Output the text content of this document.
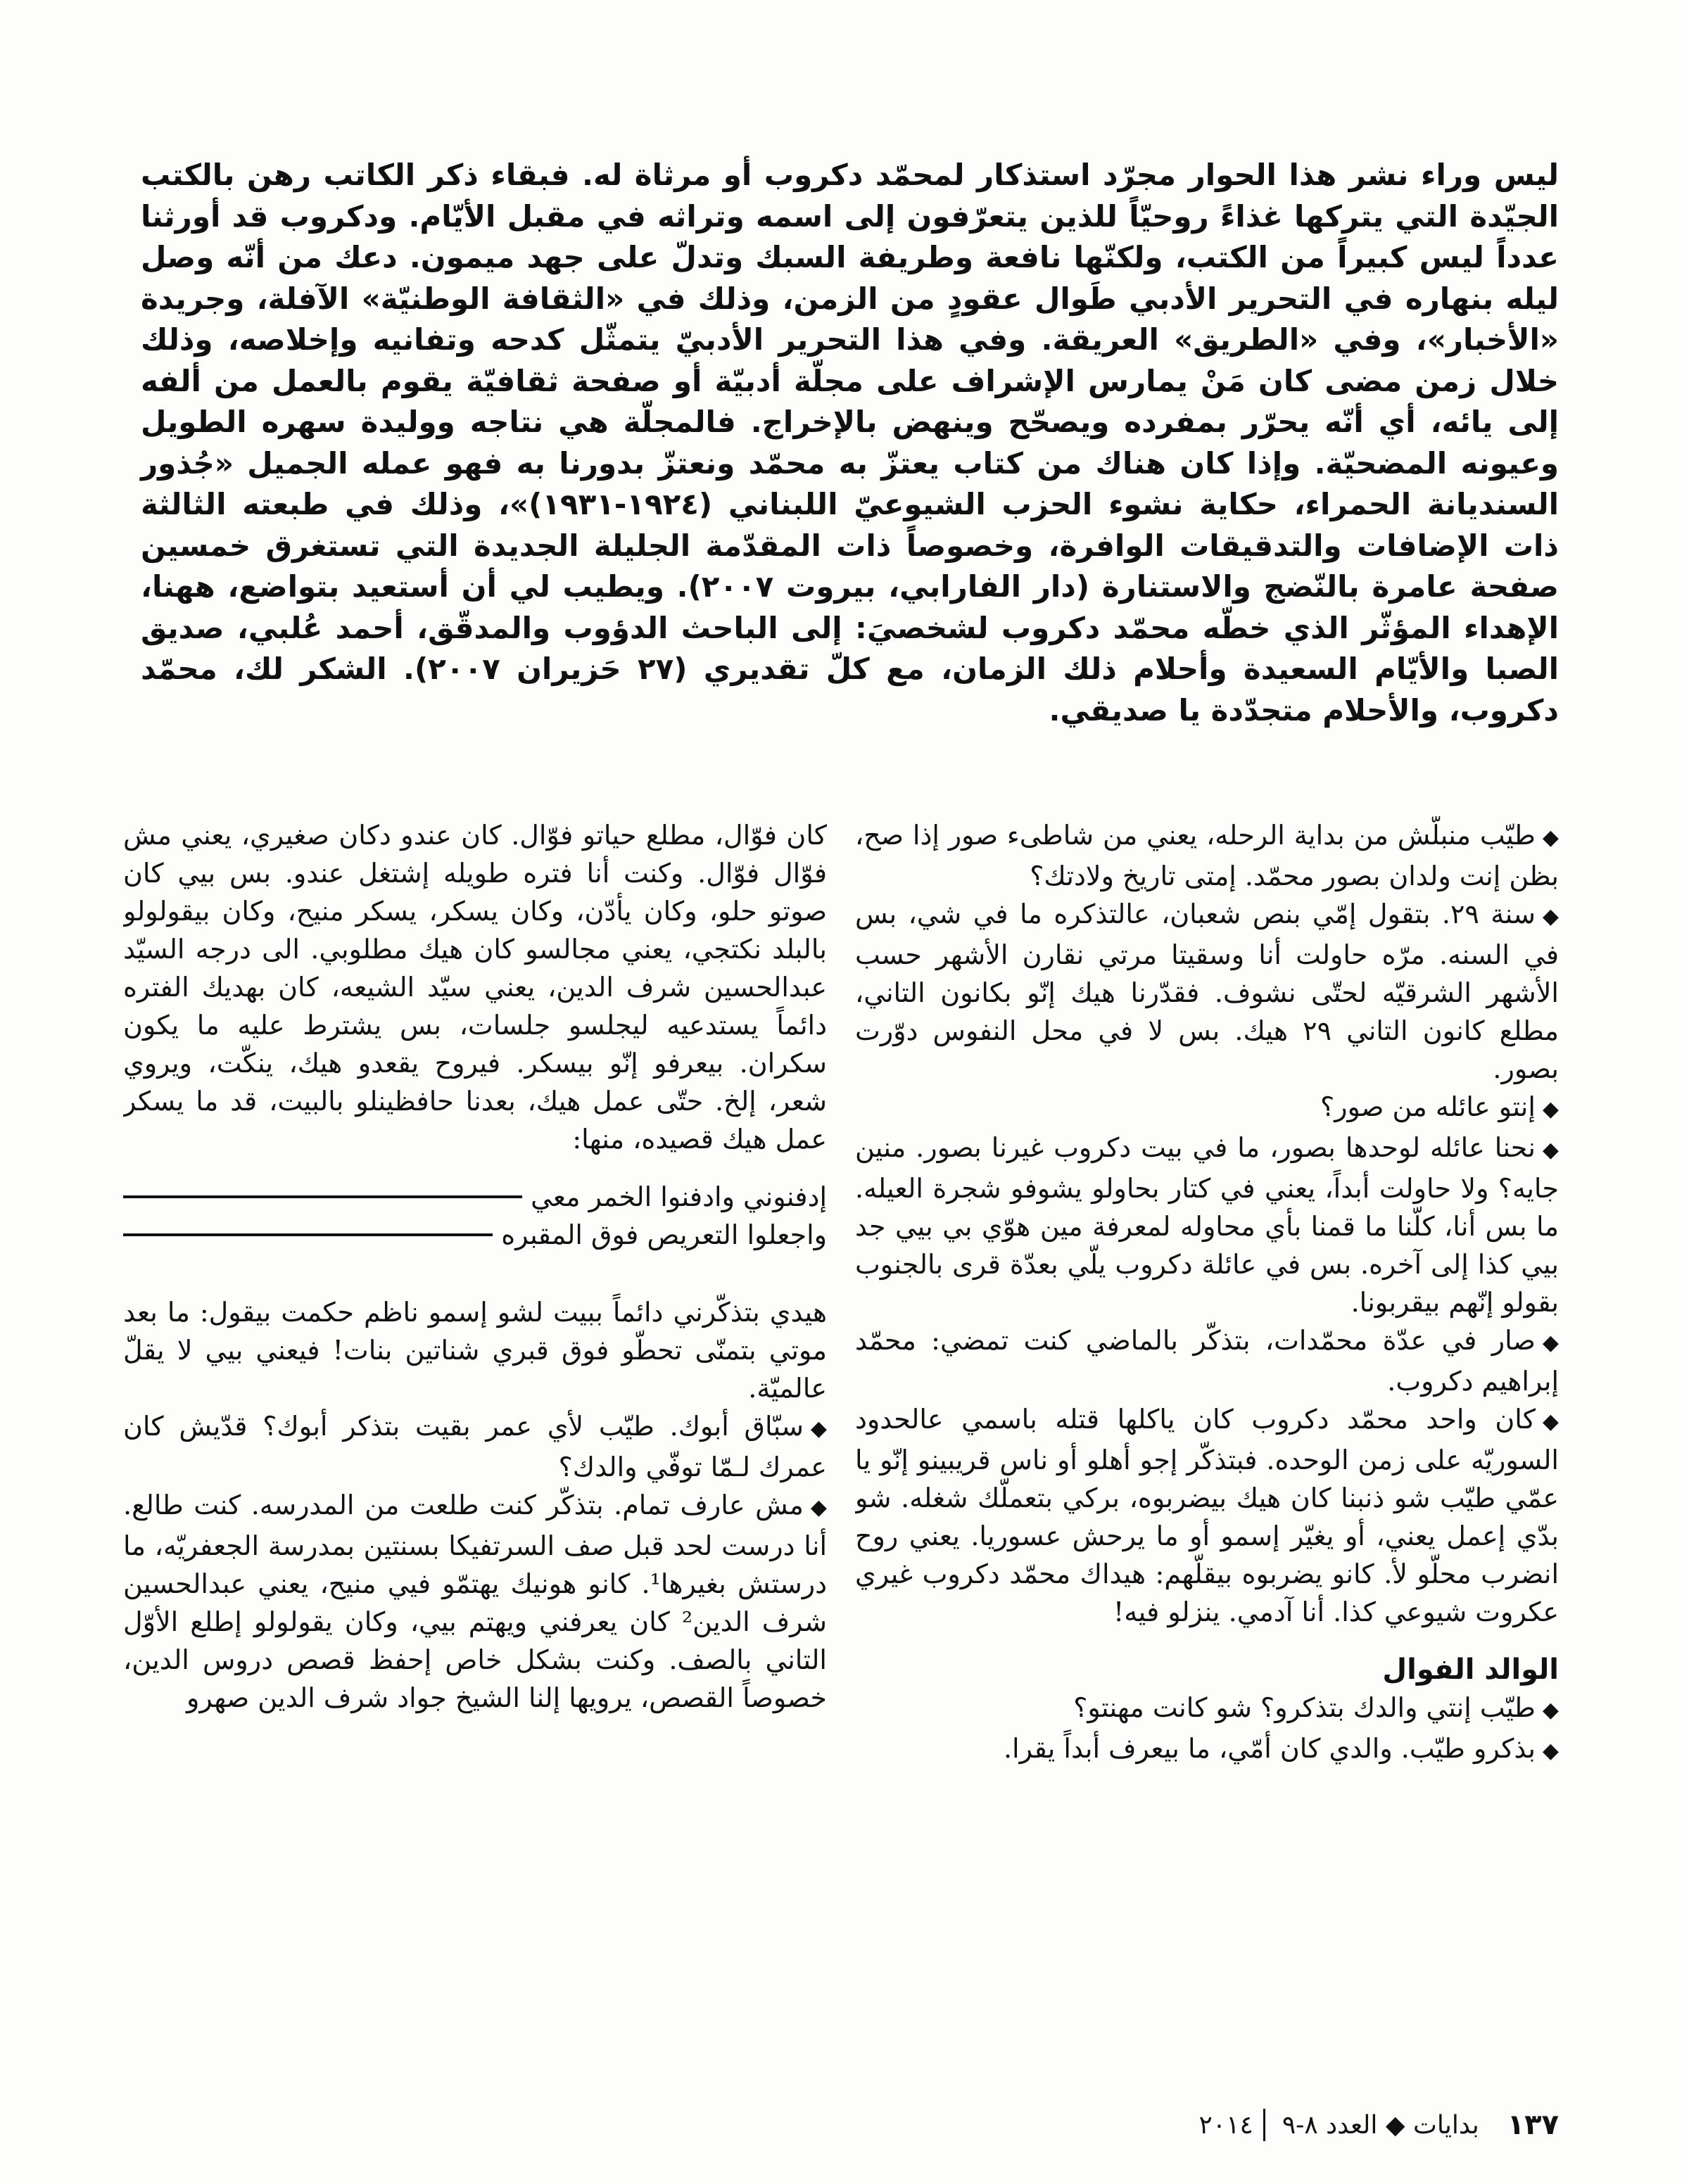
ليس وراء نشر هذا الحوار مجرّد استذكار لمحمّد دكروب أو مرثاة له. فبقاء ذكر الكاتب رهن بالكتب الجيّدة التي يتركها غذاءً روحيّاً للذين يتعرّفون إلى اسمه وتراثه في مقبل الأيّام. ودكروب قد أورثنا عدداً ليس كبيراً من الكتب، ولكنّها نافعة وطريفة السبك وتدلّ على جهد ميمون. دعك من أنّه وصل ليله بنهاره في التحرير الأدبي طَوال عقودٍ من الزمن، وذلك في «الثقافة الوطنيّة» الآفلة، وجريدة «الأخبار»، وفي «الطريق» العريقة. وفي هذا التحرير الأدبيّ يتمثّل كدحه وتفانيه وإخلاصه، وذلك خلال زمن مضى كان مَنْ يمارس الإشراف على مجلّة أدبيّة أو صفحة ثقافيّة يقوم بالعمل من ألفه إلى يائه، أي أنّه يحرّر بمفرده ويصحّح وينهض بالإخراج. فالمجلّة هي نتاجه ووليدة سهره الطويل وعيونه المضحيّة. وإذا كان هناك من كتاب يعتزّ به محمّد ونعتزّ بدورنا به فهو عمله الجميل «جُذور السنديانة الحمراء، حكاية نشوء الحزب الشيوعيّ اللبناني (١٩٢٤-١٩٣١)»، وذلك في طبعته الثالثة ذات الإضافات والتدقيقات الوافرة، وخصوصاً ذات المقدّمة الجليلة الجديدة التي تستغرق خمسين صفحة عامرة بالنّضج والاستنارة (دار الفارابي، بيروت ٢٠٠٧). ويطيب لي أن أستعيد بتواضع، ههنا، الإهداء المؤثّر الذي خطّه محمّد دكروب لشخصيَ: إلى الباحث الدؤوب والمدقّق، أحمد عُلبي، صديق الصبا والأيّام السعيدة وأحلام ذلك الزمان، مع كلّ تقديري (٢٧ حَزيران ٢٠٠٧). الشكر لك، محمّد دكروب، والأحلام متجدّدة يا صديقي.

◆طيّب منبلّش من بداية الرحله، يعني من شاطىء صور إذا صح، بظن إنت ولدان بصور محمّد. إمتى تاريخ ولادتك؟

◆سنة ٢٩. بتقول إمّي بنص شعبان، عالتذكره ما في شي، بس في السنه. مرّه حاولت أنا وسقيتا مرتي نقارن الأشهر حسب الأشهر الشرقيّه لحتّى نشوف. فقدّرنا هيك إنّو بكانون التاني، مطلع كانون التاني ٢٩ هيك. بس لا في محل النفوس دوّرت بصور.

◆إنتو عائله من صور؟

◆نحنا عائله لوحدها بصور، ما في بيت دكروب غيرنا بصور. منين جايه؟ ولا حاولت أبداً، يعني في كتار بحاولو يشوفو شجرة العيله. ما بس أنا، كلّنا ما قمنا بأي محاوله لمعرفة مين هوّي بي بيي جد بيي كذا إلى آخره. بس في عائلة دكروب يلّي بعدّة قرى بالجنوب بقولو إنّهم بيقربونا.

◆صار في عدّة محمّدات، بتذكّر بالماضي كنت تمضي: محمّد إبراهيم دكروب.

◆كان واحد محمّد دكروب كان ياكلها قتله باسمي عالحدود السوريّه على زمن الوحده. فبتذكّر إجو أهلو أو ناس قريبينو إنّو يا عمّي طيّب شو ذنبنا كان هيك بيضربوه، بركي بتعملّك شغله. شو بدّي إعمل يعني، أو يغيّر إسمو أو ما يرحش عسوريا. يعني روح انضرب محلّو لأ. كانو يضربوه بيقلّهم: هيداك محمّد دكروب غيري عكروت شيوعي كذا. أنا آدمي. ينزلو فيه!

الوالد الفوال

◆طيّب إنتي والدك بتذكرو؟ شو كانت مهنتو؟

◆بذكرو طيّب. والدي كان أمّي، ما بيعرف أبداً يقرا.

كان فوّال، مطلع حياتو فوّال. كان عندو دكان صغيري، يعني مش فوّال فوّال. وكنت أنا فتره طويله إشتغل عندو. بس بيي كان صوتو حلو، وكان يأدّن، وكان يسكر، يسكر منيح، وكان بيقولولو بالبلد نكتجي، يعني مجالسو كان هيك مطلوبي. الى درجه السيّد عبدالحسين شرف الدين، يعني سيّد الشيعه، كان بهديك الفتره دائماً يستدعيه ليجلسو جلسات، بس يشترط عليه ما يكون سكران. بيعرفو إنّو بيسكر. فيروح يقعدو هيك، ينكّت، ويروي شعر، إلخ. حتّى عمل هيك، بعدنا حافظينلو بالبيت، قد ما يسكر عمل هيك قصيده، منها:

إدفنوني وادفنوا الخمر معي

واجعلوا التعريص فوق المقبره

هيدي بتذكّرني دائماً ببيت لشو إسمو ناظم حكمت بيقول: ما بعد موتي بتمنّى تحطّو فوق قبري شناتين بنات! فيعني بيي لا يقلّ عالميّة.

◆سبّاق أبوك. طيّب لأي عمر بقيت بتذكر أبوك؟ قدّيش كان عمرك لـمّا توفّي والدك؟

◆مش عارف تمام. بتذكّر كنت طلعت من المدرسه. كنت طالع. أنا درست لحد قبل صف السرتفيكا بسنتين بمدرسة الجعفريّه، ما درستش بغيرها¹. كانو هونيك يهتمّو فيي منيح، يعني عبدالحسين شرف الدين² كان يعرفني ويهتم بيي، وكان يقولولو إطلع الأوّل التاني بالصف. وكنت بشكل خاص إحفظ قصص دروس الدين، خصوصاً القصص، يرويها إلنا الشيخ جواد شرف الدين صهرو

١٣٧
بدايات ◆ العدد ٨-٩
٢٠١٤
